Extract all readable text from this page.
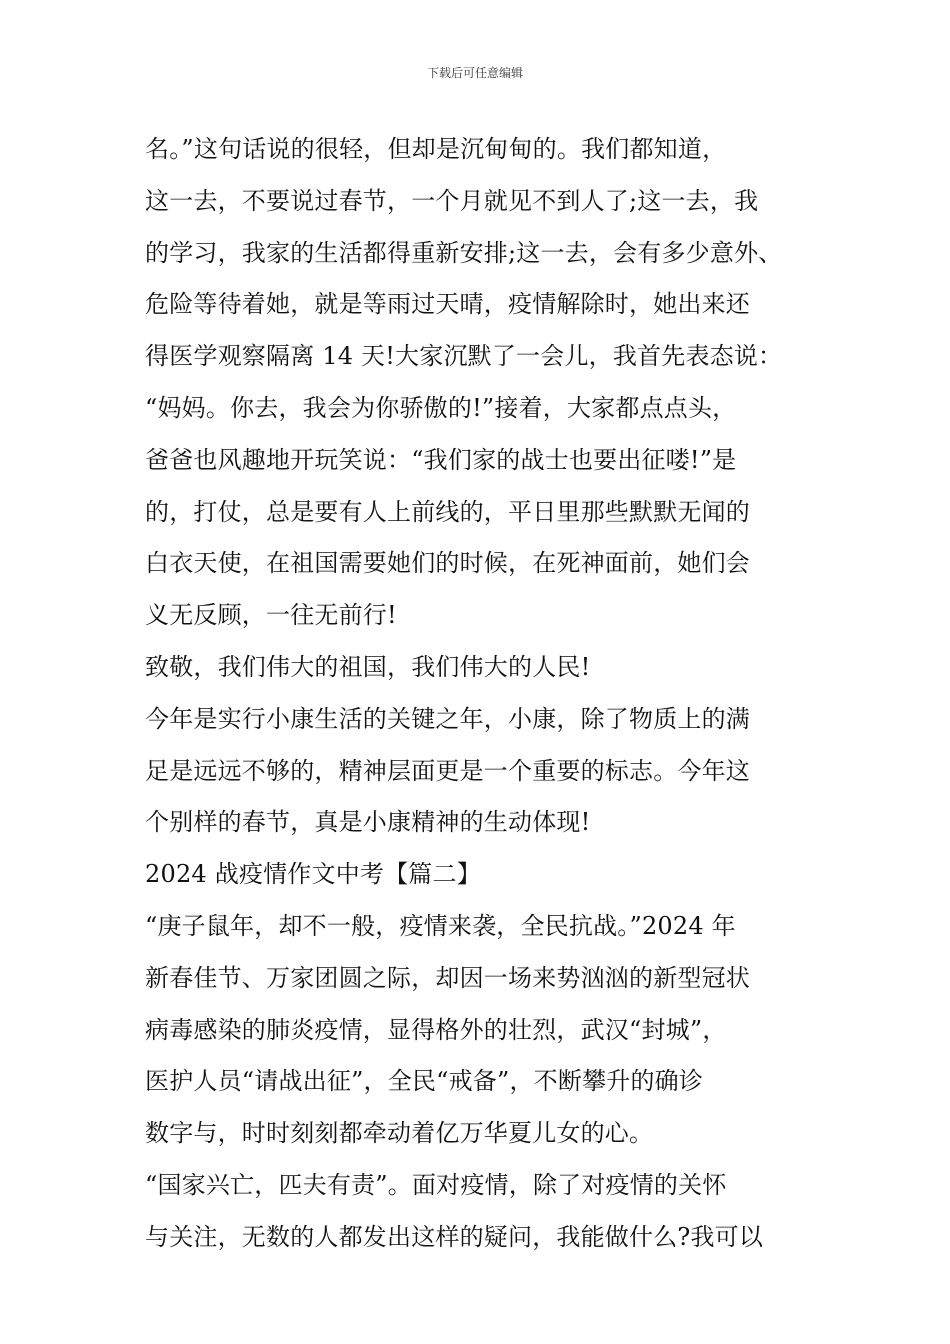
下载后可任意编辑
名。”这句话说的很轻，但却是沉甸甸的。我们都知道，
这一去，不要说过春节，一个月就见不到人了;这一去，我
的学习，我家的生活都得重新安排;这一去，会有多少意外、
危险等待着她，就是等雨过天晴，疫情解除时，她出来还
得医学观察隔离 14 天!大家沉默了一会儿，我首先表态说：
“妈妈。你去，我会为你骄傲的!”接着，大家都点点头，
爸爸也风趣地开玩笑说：“我们家的战士也要出征喽!”是
的，打仗，总是要有人上前线的，平日里那些默默无闻的
白衣天使，在祖国需要她们的时候，在死神面前，她们会
义无反顾，一往无前行!
致敬，我们伟大的祖国，我们伟大的人民!
今年是实行小康生活的关键之年，小康，除了物质上的满
足是远远不够的，精神层面更是一个重要的标志。今年这
个别样的春节，真是小康精神的生动体现!
2024 战疫情作文中考【篇二】
“庚子鼠年，却不一般，疫情来袭，全民抗战。”2024 年
新春佳节、万家团圆之际，却因一场来势汹汹的新型冠状
病毒感染的肺炎疫情，显得格外的壮烈，武汉“封城”，
医护人员“请战出征”，全民“戒备”，不断攀升的确诊
数字与，时时刻刻都牵动着亿万华夏儿女的心。
“国家兴亡，匹夫有责”。面对疫情，除了对疫情的关怀
与关注，无数的人都发出这样的疑问，我能做什么?我可以
